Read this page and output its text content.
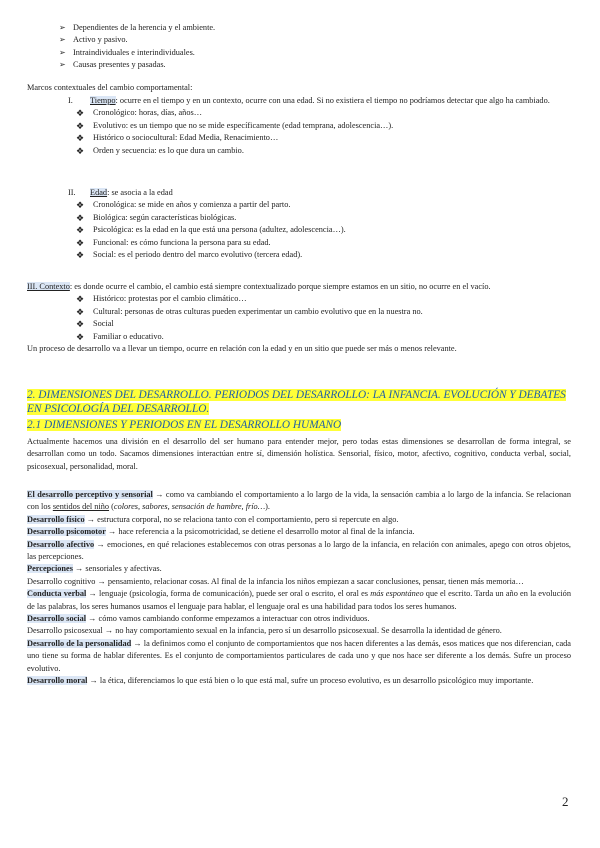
➢ Dependientes de la herencia y el ambiente.

➢ Activo y pasivo.

➢ Intraindividuales e interindividuales.

➢ Causas presentes y pasadas.

Marcos contextuales del cambio comportamental:

I. Tiempo: ocurre en el tiempo y en un contexto, ocurre con una edad. Si no existiera el tiempo no podríamos detectar que algo ha cambiado.

❖ Cronológico: horas, días, años…

❖ Evolutivo: es un tiempo que no se mide específicamente (edad temprana, adolescencia…).

❖ Histórico o sociocultural: Edad Media, Renacimiento…

❖ Orden y secuencia: es lo que dura un cambio.

II. Edad: se asocia a la edad

❖ Cronológica: se mide en años y comienza a partir del parto.

❖ Biológica: según características biológicas.

❖ Psicológica: es la edad en la que está una persona (adultez, adolescencia…).

❖ Funcional: es cómo funciona la persona para su edad.

❖ Social: es el periodo dentro del marco evolutivo (tercera edad).

III. Contexto: es donde ocurre el cambio, el cambio está siempre contextualizado porque siempre estamos en un sitio, no ocurre en el vacío.

❖ Histórico: protestas por el cambio climático…

❖ Cultural: personas de otras culturas pueden experimentar un cambio evolutivo que en la nuestra no.

❖ Social

❖ Familiar o educativo.

Un proceso de desarrollo va a llevar un tiempo, ocurre en relación con la edad y en un sitio que puede ser más o menos relevante.

2. DIMENSIONES DEL DESARROLLO. PERIODOS DEL DESARROLLO: LA INFANCIA. EVOLUCIÓN Y DEBATES EN PSICOLOGÍA DEL DESARROLLO.

2.1 DIMENSIONES Y PERIODOS EN EL DESARROLLO HUMANO

Actualmente hacemos una división en el desarrollo del ser humano para entender mejor, pero todas estas dimensiones se desarrollan de forma integral, se desarrollan como un todo. Sacamos dimensiones interactúan entre sí, dimensión holística. Sensorial, físico, motor, afectivo, cognitivo, conducta verbal, social, psicosexual, personalidad, moral.

El desarrollo perceptivo y sensorial → como va cambiando el comportamiento a lo largo de la vida, la sensación cambia a lo largo de la infancia. Se relacionan con los sentidos del niño (colores, sabores, sensación de hambre, frío…).

Desarrollo físico → estructura corporal, no se relaciona tanto con el comportamiento, pero si repercute en algo.

Desarrollo psicomotor → hace referencia a la psicomotricidad, se detiene el desarrollo motor al final de la infancia.

Desarrollo afectivo → emociones, en qué relaciones establecemos con otras personas a lo largo de la infancia, en relación con animales, apego con otros objetos, las percepciones.

Percepciones → sensoriales y afectivas.

Desarrollo cognitivo → pensamiento, relacionar cosas. Al final de la infancia los niños empiezan a sacar conclusiones, pensar, tienen más memoria…

Conducta verbal → lenguaje (psicología, forma de comunicación), puede ser oral o escrito, el oral es más espontáneo que el escrito. Tarda un año en la evolución de las palabras, los seres humanos usamos el lenguaje para hablar, el lenguaje oral es una habilidad para todos los seres humanos.

Desarrollo social → cómo vamos cambiando conforme empezamos a interactuar con otros individuos.

Desarrollo psicosexual → no hay comportamiento sexual en la infancia, pero sí un desarrollo psicosexual. Se desarrolla la identidad de género.

Desarrollo de la personalidad → la definimos como el conjunto de comportamientos que nos hacen diferentes a las demás, esos matices que nos diferencian, cada uno tiene su forma de hablar diferentes. Es el conjunto de comportamientos particulares de cada uno y que nos hace ser diferente a los demás. Sufre un proceso evolutivo.

Desarrollo moral → la ética, diferenciamos lo que está bien o lo que está mal, sufre un proceso evolutivo, es un desarrollo psicológico muy importante.

2
